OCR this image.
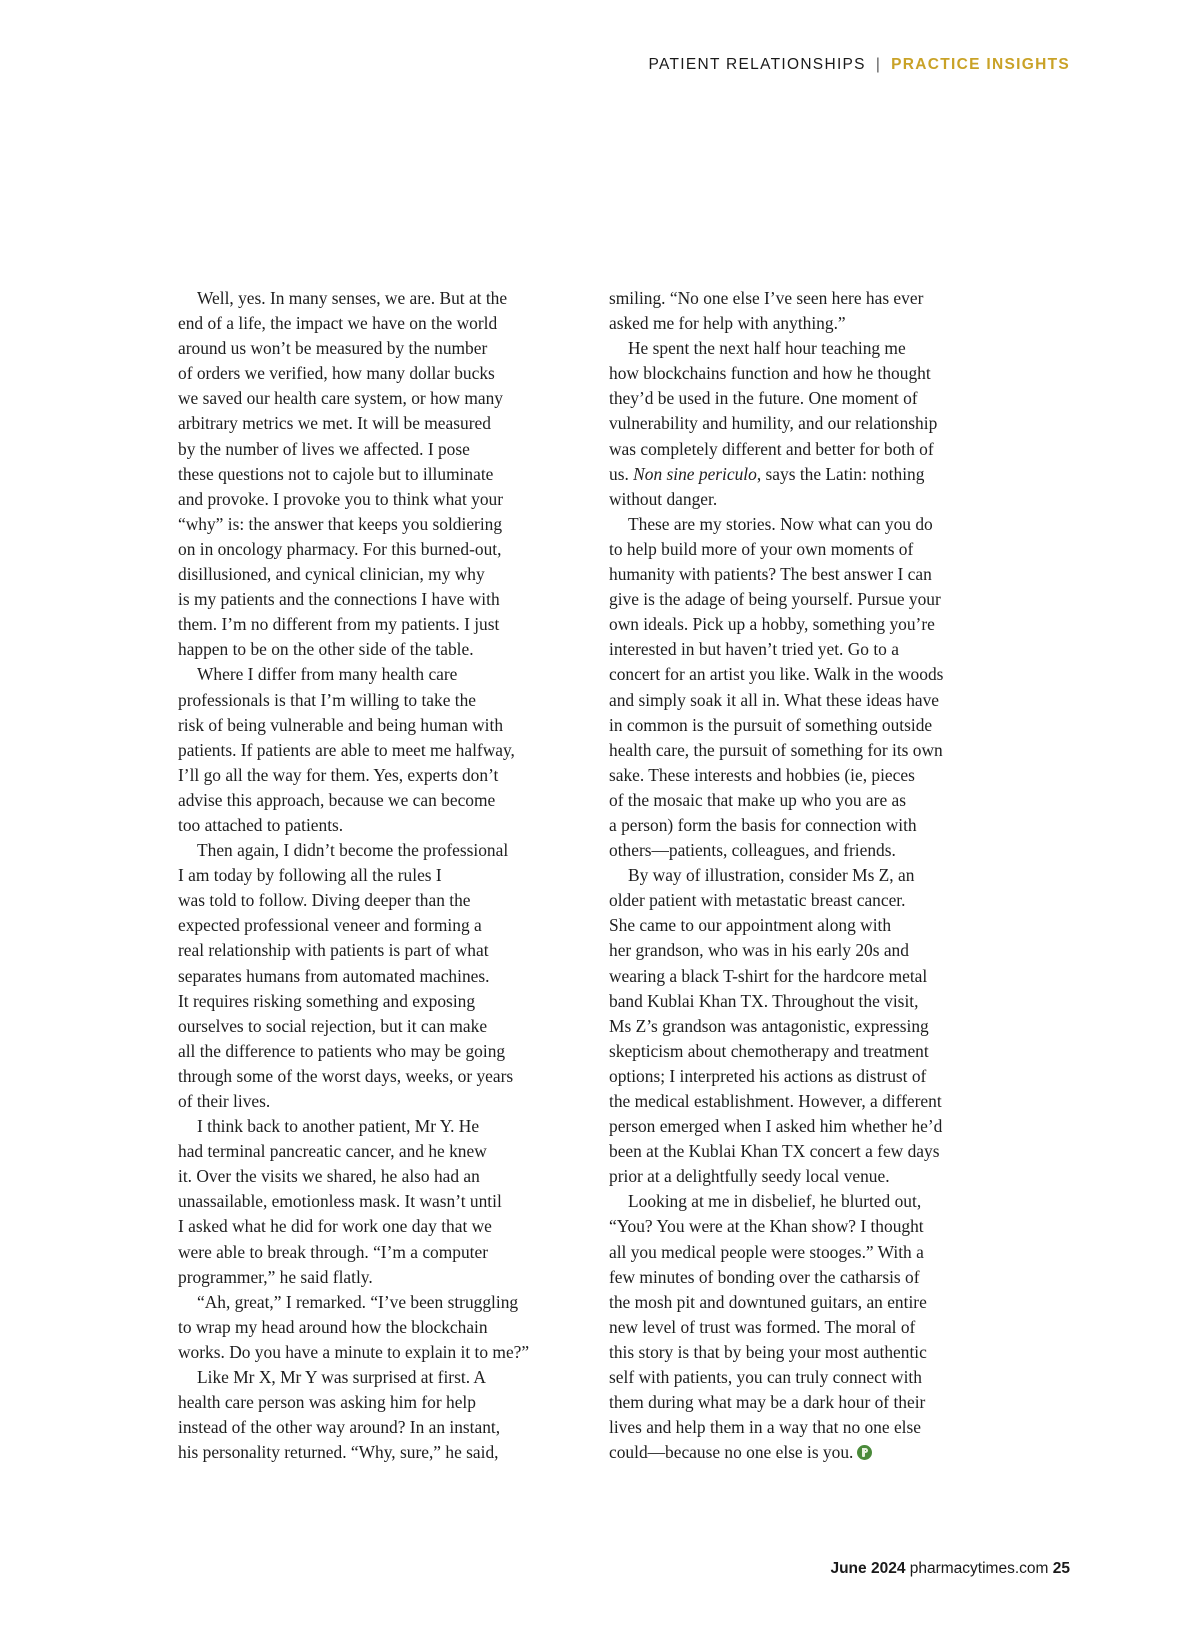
PATIENT RELATIONSHIPS | PRACTICE INSIGHTS

Well, yes. In many senses, we are. But at the
end of a life, the impact we have on the world
around us won’t be measured by the number
of orders we verified, how many dollar bucks
we saved our health care system, or how many
arbitrary metrics we met. It will be measured
by the number of lives we affected. I pose
these questions not to cajole but to illuminate
and provoke. I provoke you to think what your
“why” is: the answer that keeps you soldiering
on in oncology pharmacy. For this burned-out,
disillusioned, and cynical clinician, my why
is my patients and the connections I have with
them. I’m no different from my patients. I just
happen to be on the other side of the table.

Where I differ from many health care
professionals is that I’m willing to take the
risk of being vulnerable and being human with
patients. If patients are able to meet me halfway,
I’ll go all the way for them. Yes, experts don’t
advise this approach, because we can become
too attached to patients.

Then again, I didn’t become the professional
I am today by following all the rules I
was told to follow. Diving deeper than the
expected professional veneer and forming a
real relationship with patients is part of what
separates humans from automated machines.
It requires risking something and exposing
ourselves to social rejection, but it can make
all the difference to patients who may be going
through some of the worst days, weeks, or years
of their lives.

I think back to another patient, Mr Y. He
had terminal pancreatic cancer, and he knew
it. Over the visits we shared, he also had an
unassailable, emotionless mask. It wasn’t until
I asked what he did for work one day that we
were able to break through. “I’m a computer
programmer,” he said flatly.

“Ah, great,” I remarked. “I’ve been struggling
to wrap my head around how the blockchain
works. Do you have a minute to explain it to me?”

Like Mr X, Mr Y was surprised at first. A
health care person was asking him for help
instead of the other way around? In an instant,
his personality returned. “Why, sure,” he said,

smiling. “No one else I’ve seen here has ever
asked me for help with anything.”

He spent the next half hour teaching me
how blockchains function and how he thought
they’d be used in the future. One moment of
vulnerability and humility, and our relationship
was completely different and better for both of
us. Non sine periculo, says the Latin: nothing
without danger.

These are my stories. Now what can you do
to help build more of your own moments of
humanity with patients? The best answer I can
give is the adage of being yourself. Pursue your
own ideals. Pick up a hobby, something you’re
interested in but haven’t tried yet. Go to a
concert for an artist you like. Walk in the woods
and simply soak it all in. What these ideas have
in common is the pursuit of something outside
health care, the pursuit of something for its own
sake. These interests and hobbies (ie, pieces
of the mosaic that make up who you are as
a person) form the basis for connection with
others—patients, colleagues, and friends.

By way of illustration, consider Ms Z, an
older patient with metastatic breast cancer.
She came to our appointment along with
her grandson, who was in his early 20s and
wearing a black T-shirt for the hardcore metal
band Kublai Khan TX. Throughout the visit,
Ms Z’s grandson was antagonistic, expressing
skepticism about chemotherapy and treatment
options; I interpreted his actions as distrust of
the medical establishment. However, a different
person emerged when I asked him whether he’d
been at the Kublai Khan TX concert a few days
prior at a delightfully seedy local venue.

Looking at me in disbelief, he blurted out,
“You? You were at the Khan show? I thought
all you medical people were stooges.” With a
few minutes of bonding over the catharsis of
the mosh pit and downtuned guitars, an entire
new level of trust was formed. The moral of
this story is that by being your most authentic
self with patients, you can truly connect with
them during what may be a dark hour of their
lives and help them in a way that no one else
could—because no one else is you.

June 2024 pharmacytimes.com 25
